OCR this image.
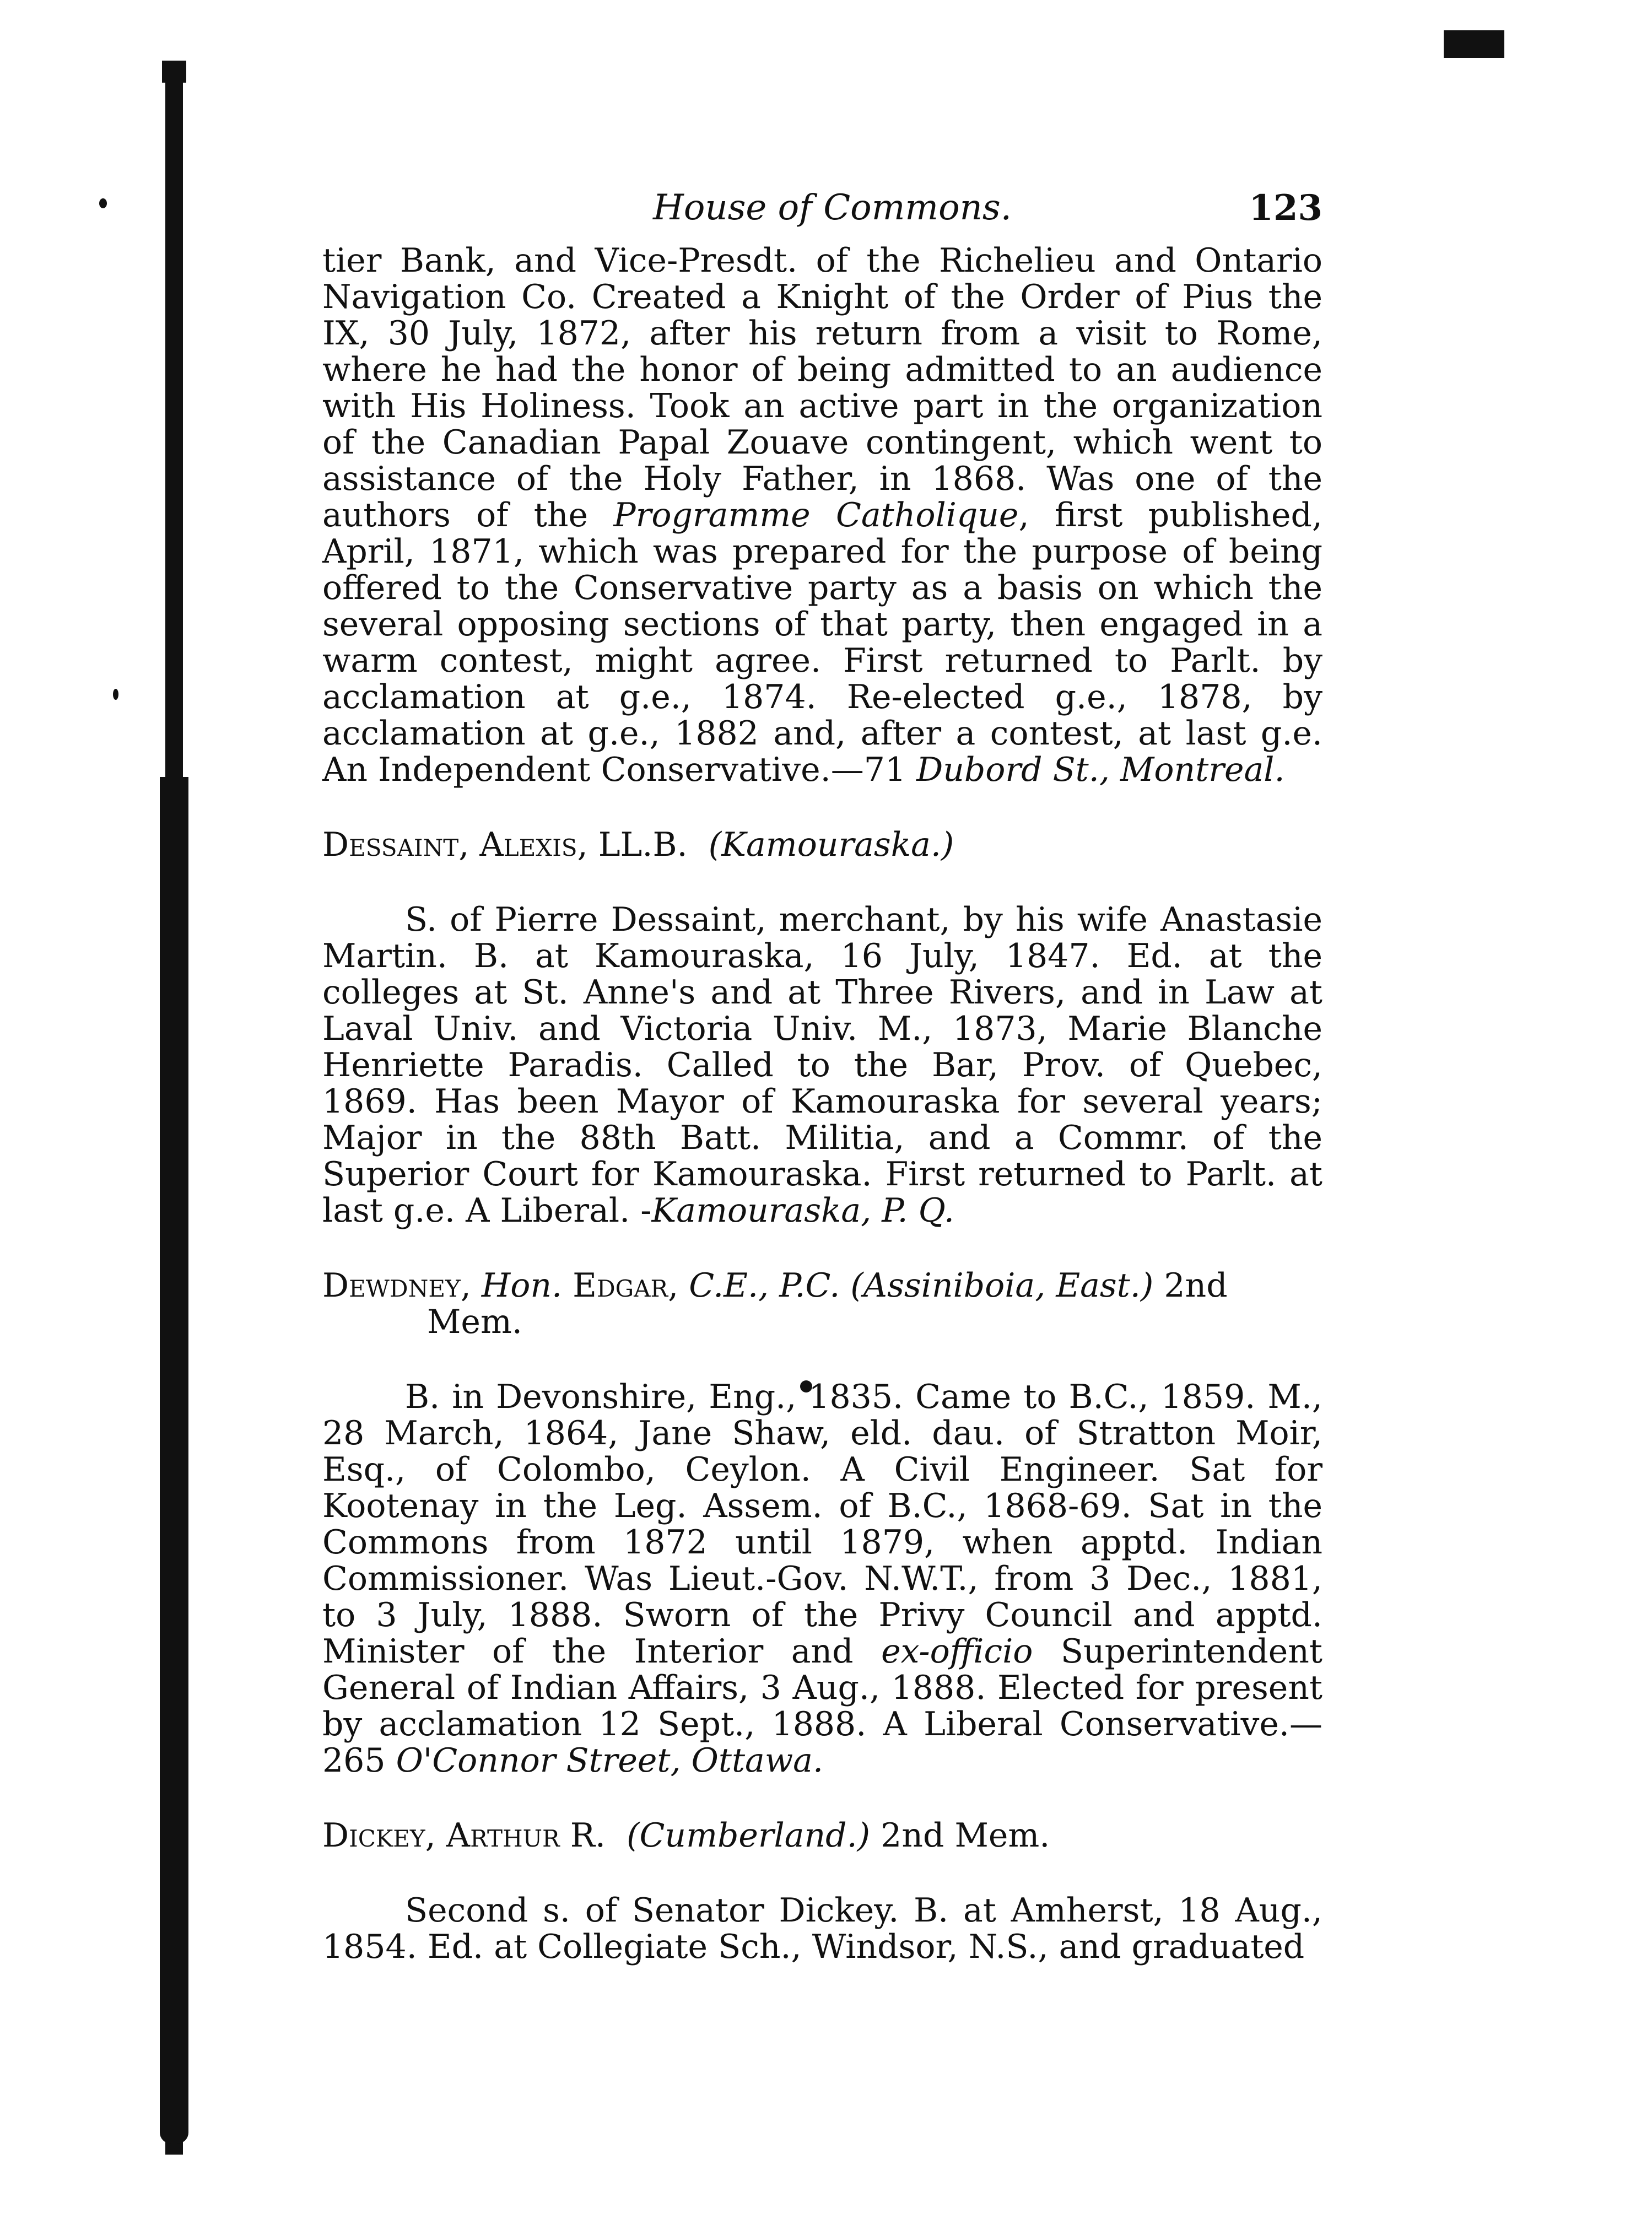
House of Commons.	123

tier Bank, and Vice-Presdt. of the Richelieu and Ontario Navigation Co. Created a Knight of the Order of Pius the IX, 30 July, 1872, after his return from a visit to Rome, where he had the honor of being admitted to an audience with His Holiness. Took an active part in the organization of the Canadian Papal Zouave contingent, which went to assistance of the Holy Father, in 1868. Was one of the authors of the Programme Catholique, first published, April, 1871, which was prepared for the purpose of being offered to the Conservative party as a basis on which the several opposing sections of that party, then engaged in a warm contest, might agree. First returned to Parlt. by acclamation at g.e., 1874. Re-elected g.e., 1878, by acclamation at g.e., 1882 and, after a contest, at last g.e. An Independent Conservative.—71 Dubord St., Montreal.

Dessaint, Alexis, LL.B. (Kamouraska.)

S. of Pierre Dessaint, merchant, by his wife Anastasie Martin. B. at Kamouraska, 16 July, 1847. Ed. at the colleges at St. Anne's and at Three Rivers, and in Law at Laval Univ. and Victoria Univ. M., 1873, Marie Blanche Henriette Paradis. Called to the Bar, Prov. of Quebec, 1869. Has been Mayor of Kamouraska for several years; Major in the 88th Batt. Militia, and a Commr. of the Superior Court for Kamouraska. First returned to Parlt. at last g.e. A Liberal. -Kamouraska, P. Q.

Dewdney, Hon. Edgar, C.E., P.C. (Assiniboia, East.) 2nd Mem.

B. in Devonshire, Eng., 1835. Came to B.C., 1859. M., 28 March, 1864, Jane Shaw, eld. dau. of Stratton Moir, Esq., of Colombo, Ceylon. A Civil Engineer. Sat for Kootenay in the Leg. Assem. of B.C., 1868-69. Sat in the Commons from 1872 until 1879, when apptd. Indian Commissioner. Was Lieut.-Gov. N.W.T., from 3 Dec., 1881, to 3 July, 1888. Sworn of the Privy Council and apptd. Minister of the Interior and ex-officio Superintendent General of Indian Affairs, 3 Aug., 1888. Elected for present by acclamation 12 Sept., 1888. A Liberal Conservative.—265 O'Connor Street, Ottawa.

Dickey, Arthur R. (Cumberland.) 2nd Mem.

Second s. of Senator Dickey. B. at Amherst, 18 Aug., 1854. Ed. at Collegiate Sch., Windsor, N.S., and graduated
